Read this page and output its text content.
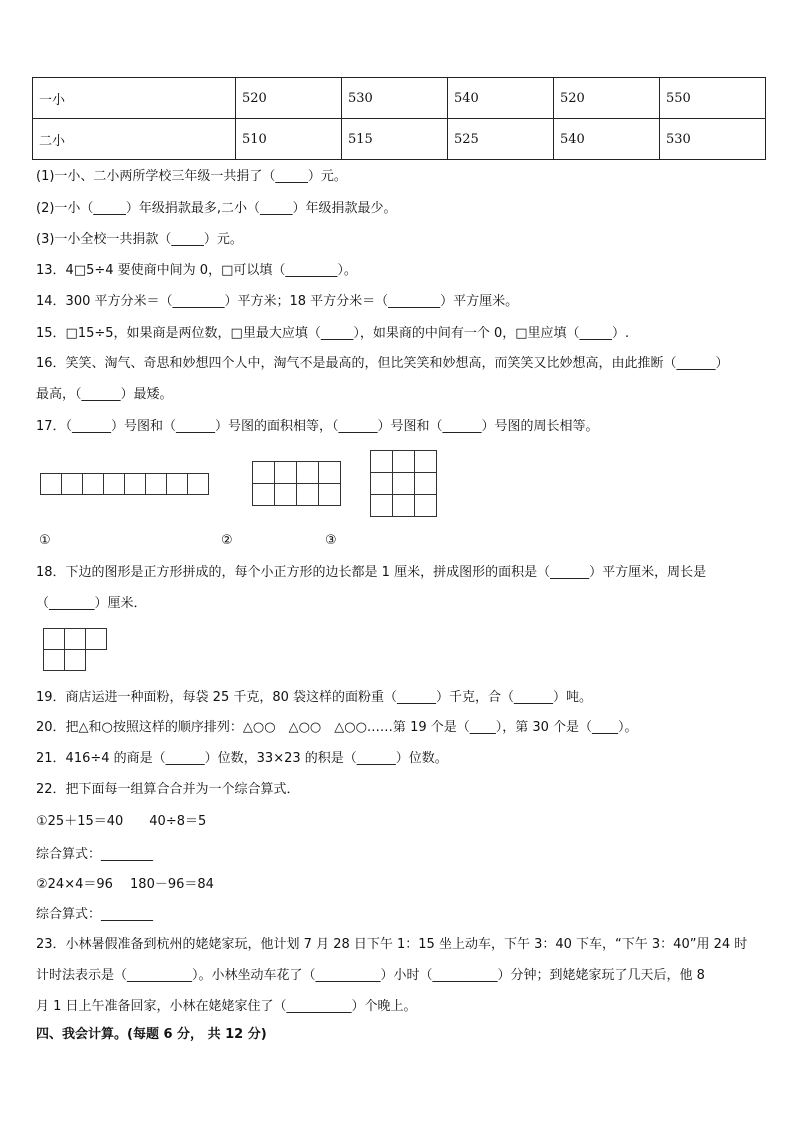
一小	520	530	540	520	550
二小	510	515	525	540	530
(1)一小、二小两所学校三年级一共捐了（_____）元。
(2)一小（_____）年级捐款最多,二小（_____）年级捐款最少。
(3)一小全校一共捐款（_____）元。
13．4□5÷4 要使商中间为 0，□可以填（________）。
14．300 平方分米＝（________）平方米；18 平方分米＝（________）平方厘米。
15．□15÷5，如果商是两位数，□里最大应填（_____），如果商的中间有一个 0，□里应填（_____）.
16．笑笑、淘气、奇思和妙想四个人中，淘气不是最高的，但比笑笑和妙想高，而笑笑又比妙想高，由此推断（______）
最高，（______）最矮。
17．（______）号图和（______）号图的面积相等，（______）号图和（______）号图的周长相等。
①	②	③
18．下边的图形是正方形拼成的，每个小正方形的边长都是 1 厘米，拼成图形的面积是（______）平方厘米，周长是
（_______）厘米．
19．商店运进一种面粉，每袋 25 千克，80 袋这样的面粉重（______）千克，合（______）吨。
20．把△和○按照这样的顺序排列：△○○　△○○　△○○……第 19 个是（____），第 30 个是（____）。
21．416÷4 的商是（______）位数，33×23 的积是（______）位数。
22．把下面每一组算合合并为一个综合算式．
①25＋15＝40　　40÷8＝5
综合算式：________
②24×4＝96　 180－96＝84
综合算式：________
23．小林暑假准备到杭州的姥姥家玩，他计划 7 月 28 日下午 1：15 坐上动车，下午 3：40 下车，“下午 3：40”用 24 时
计时法表示是（__________）。小林坐动车花了（__________）小时（__________）分钟；到姥姥家玩了几天后，他 8
月 1 日上午准备回家，小林在姥姥家住了（__________）个晚上。
四、我会计算。(每题 6 分， 共 12 分)
